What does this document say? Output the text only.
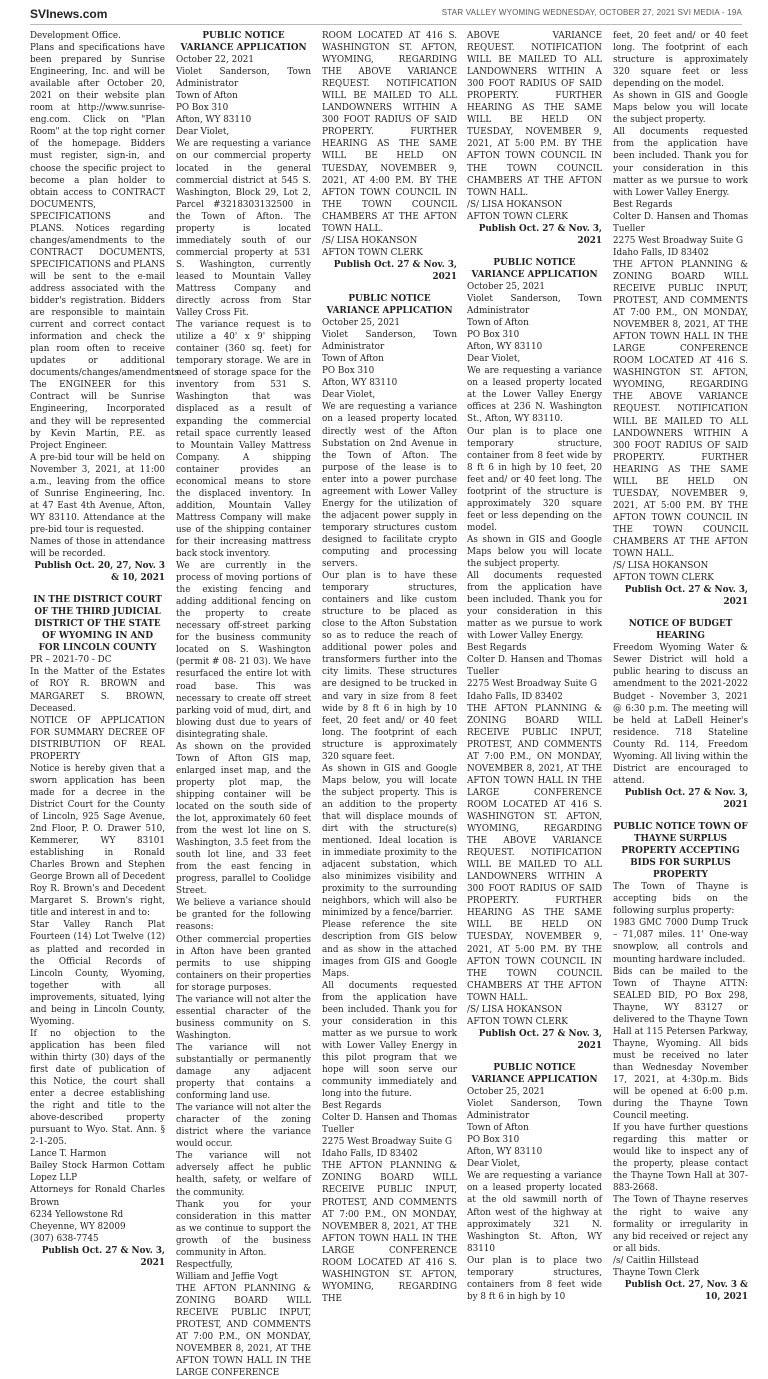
SVInews.com	STAR VALLEY WYOMING WEDNESDAY, OCTOBER 27, 2021 SVI MEDIA - 19A

Development Office.

Plans and specifications have been prepared by Sunrise Engineering, Inc. and will be available after October 20, 2021 on their website plan room at http://www.sunrise-eng.com. Click on "Plan Room" at the top right corner of the homepage. Bidders must register, sign-in, and choose the specific project to become a plan holder to obtain access to CONTRACT DOCUMENTS, SPECIFICATIONS and PLANS. Notices regarding changes/amendments to the CONTRACT DOCUMENTS, SPECIFICATIONS and PLANS will be sent to the e-mail address associated with the bidder's registration. Bidders are responsible to maintain current and correct contact information and check the plan room often to receive updates or additional documents/changes/amendments. The ENGINEER for this Contract will be Sunrise Engineering, Incorporated and they will be represented by Kevin Martin, P.E. as Project Engineer.

A pre-bid tour will be held on November 3, 2021, at 11:00 a.m., leaving from the office of Sunrise Engineering, Inc. at 47 East 4th Avenue, Afton, WY 83110. Attendance at the pre-bid tour is requested.

Names of those in attendance will be recorded.

Publish Oct. 20, 27, Nov. 3 & 10, 2021

IN THE DISTRICT COURT OF THE THIRD JUDICIAL DISTRICT OF THE STATE OF WYOMING IN AND FOR LINCOLN COUNTY

PR – 2021-70 - DC

In the Matter of the Estates of ROY R. BROWN and MARGARET S. BROWN, Deceased.

NOTICE OF APPLICATION FOR SUMMARY DECREE OF DISTRIBUTION OF REAL PROPERTY

Notice is hereby given that a sworn application has been made for a decree in the District Court for the County of Lincoln, 925 Sage Avenue, 2nd Floor, P. O. Drawer 510, Kemmerer, WY 83101 establishing in Ronald Charles Brown and Stephen George Brown all of Decedent Roy R. Brown's and Decedent Margaret S. Brown's right, title and interest in and to:

Star Valley Ranch Plat Fourteen (14) Lot Twelve (12) as platted and recorded in the Official Records of Lincoln County, Wyoming, together with all improvements, situated, lying and being in Lincoln County, Wyoming.

If no objection to the application has been filed within thirty (30) days of the first date of publication of this Notice, the court shall enter a decree establishing the right and title to the above-described property pursuant to Wyo. Stat. Ann. § 2-1-205.

Lance T. Harmon

Bailey Stock Harmon Cottam Lopez LLP

Attorneys for Ronald Charles Brown

6234 Yellowstone Rd

Cheyenne, WY 82009

(307) 638-7745

Publish Oct. 27 & Nov. 3, 2021

PUBLIC NOTICE VARIANCE APPLICATION

October 22, 2021

Violet Sanderson, Town Administrator

Town of Afton

PO Box 310

Afton, WY 83110

Dear Violet,

We are requesting a variance on our commercial property located in the general commercial district at 545 S. Washington, Block 29, Lot 2, Parcel #3218303132500 in the Town of Afton. The property is located immediately south of our commercial property at 531 S. Washington, currently leased to Mountain Valley Mattress Company and directly across from Star Valley Cross Fit.

The variance request is to utilize a 40' x 9' shipping container (360 sq. feet) for temporary storage. We are in need of storage space for the inventory from 531 S. Washington that was displaced as a result of expanding the commercial retail space currently leased to Mountain Valley Mattress Company. A shipping container provides an economical means to store the displaced inventory. In addition, Mountain Valley Mattress Company will make use of the shipping container for their increasing mattress back stock inventory.

We are currently in the process of moving portions of the existing fencing and adding additional fencing on the property to create necessary off-street parking for the business community located on S. Washington (permit # 08- 21 03). We have resurfaced the entire lot with road base. This was necessary to create off street parking void of mud, dirt, and blowing dust due to years of disintegrating shale.

As shown on the provided Town of Afton GIS map, enlarged inset map, and the property plot map, the shipping container will be located on the south side of the lot, approximately 60 feet from the west lot line on S. Washington, 3.5 feet from the south lot line, and 33 feet from the east fencing in progress, parallel to Coolidge Street.

We believe a variance should be granted for the following reasons:

Other commercial properties in Afton have been granted permits to use shipping containers on their properties for storage purposes.

The variance will not alter the essential character of the business community on S. Washington.

The variance will not substantially or permanently damage any adjacent property that contains a conforming land use.

The variance will not alter the character of the zoning district where the variance would occur.

The variance will not adversely affect he public health, safety, or welfare of the community.

Thank you for your consideration in this matter as we continue to support the growth of the business community in Afton.

Respectfully,

William and Jeffie Vogt

THE AFTON PLANNING & ZONING BOARD WILL RECEIVE PUBLIC INPUT, PROTEST, AND COMMENTS AT 7:00 P.M., ON MONDAY, NOVEMBER 8, 2021, AT THE AFTON TOWN HALL IN THE LARGE CONFERENCE

ROOM LOCATED AT 416 S. WASHINGTON ST. AFTON, WYOMING, REGARDING THE ABOVE VARIANCE REQUEST. NOTIFICATION WILL BE MAILED TO ALL LANDOWNERS WITHIN A 300 FOOT RADIUS OF SAID PROPERTY. FURTHER HEARING AS THE SAME WILL BE HELD ON TUESDAY, NOVEMBER 9, 2021, AT 4:00 P.M. BY THE AFTON TOWN COUNCIL IN THE TOWN COUNCIL CHAMBERS AT THE AFTON TOWN HALL.

/S/ LISA HOKANSON

AFTON TOWN CLERK

Publish Oct. 27 & Nov. 3, 2021

PUBLIC NOTICE VARIANCE APPLICATION

October 25, 2021

Violet Sanderson, Town Administrator

Town of Afton

PO Box 310

Afton, WY 83110

Dear Violet,

We are requesting a variance on a leased property located directly west of the Afton Substation on 2nd Avenue in the Town of Afton. The purpose of the lease is to enter into a power purchase agreement with Lower Valley Energy for the utilization of the adjacent power supply in temporary structures custom designed to facilitate crypto computing and processing servers.

Our plan is to have these temporary structures, containers and like custom structure to be placed as close to the Afton Substation so as to reduce the reach of additional power poles and transformers further into the city limits. These structures are designed to be trucked in and vary in size from 8 feet wide by 8 ft 6 in high by 10 feet, 20 feet and/ or 40 feet long. The footprint of each structure is approximately 320 square feet.

As shown in GIS and Google Maps below, you will locate the subject property. This is an addition to the property that will displace mounds of dirt with the structure(s) mentioned. Ideal location is in immediate proximity to the adjacent substation, which also minimizes visibility and proximity to the surrounding neighbors, which will also be minimized by a fence/barrier.

Please reference the site description from GIS below and as show in the attached images from GIS and Google Maps.

All documents requested from the application have been included. Thank you for your consideration in this matter as we pursue to work with Lower Valley Energy in this pilot program that we hope will soon serve our community immediately and long into the future.

Best Regards

Colter D. Hansen and Thomas Tueller

2275 West Broadway Suite G

Idaho Falls, ID 83402

THE AFTON PLANNING & ZONING BOARD WILL RECEIVE PUBLIC INPUT, PROTEST, AND COMMENTS AT 7:00 P.M., ON MONDAY, NOVEMBER 8, 2021, AT THE AFTON TOWN HALL IN THE LARGE CONFERENCE ROOM LOCATED AT 416 S. WASHINGTON ST. AFTON, WYOMING, REGARDING THE

ABOVE VARIANCE REQUEST. NOTIFICATION WILL BE MAILED TO ALL LANDOWNERS WITHIN A 300 FOOT RADIUS OF SAID PROPERTY. FURTHER HEARING AS THE SAME WILL BE HELD ON TUESDAY, NOVEMBER 9, 2021, AT 5:00 P.M. BY THE AFTON TOWN COUNCIL IN THE TOWN COUNCIL CHAMBERS AT THE AFTON TOWN HALL.

/S/ LISA HOKANSON

AFTON TOWN CLERK

Publish Oct. 27 & Nov. 3, 2021

PUBLIC NOTICE VARIANCE APPLICATION

October 25, 2021

Violet Sanderson, Town Administrator

Town of Afton

PO Box 310

Afton, WY 83110

Dear Violet,

We are requesting a variance on a leased property located at the Lower Valley Energy offices at 236 N. Washington St., Afton, WY 83110.

Our plan is to place one temporary structure, container from 8 feet wide by 8 ft 6 in high by 10 feet, 20 feet and/ or 40 feet long. The footprint of the structure is approximately 320 square feet or less depending on the model.

As shown in GIS and Google Maps below you will locate the subject property.

All documents requested from the application have been included. Thank you for your consideration in this matter as we pursue to work with Lower Valley Energy.

Best Regards

Colter D. Hansen and Thomas Tueller

2275 West Broadway Suite G

Idaho Falls, ID 83402

THE AFTON PLANNING & ZONING BOARD WILL RECEIVE PUBLIC INPUT, PROTEST, AND COMMENTS AT 7:00 P.M., ON MONDAY, NOVEMBER 8, 2021, AT THE AFTON TOWN HALL IN THE LARGE CONFERENCE ROOM LOCATED AT 416 S. WASHINGTON ST. AFTON, WYOMING, REGARDING THE ABOVE VARIANCE REQUEST. NOTIFICATION WILL BE MAILED TO ALL LANDOWNERS WITHIN A 300 FOOT RADIUS OF SAID PROPERTY. FURTHER HEARING AS THE SAME WILL BE HELD ON TUESDAY, NOVEMBER 9, 2021, AT 5:00 P.M. BY THE AFTON TOWN COUNCIL IN THE TOWN COUNCIL CHAMBERS AT THE AFTON TOWN HALL.

/S/ LISA HOKANSON

AFTON TOWN CLERK

Publish Oct. 27 & Nov. 3, 2021

PUBLIC NOTICE VARIANCE APPLICATION

October 25, 2021

Violet Sanderson, Town Administrator

Town of Afton

PO Box 310

Afton, WY 83110

Dear Violet,

We are requesting a variance on a leased property located at the old sawmill north of Afton west of the highway at approximately 321 N. Washington St. Afton, WY 83110

Our plan is to place two temporary structures, containers from 8 feet wide by 8 ft 6 in high by 10

feet, 20 feet and/ or 40 feet long. The footprint of each structure is approximately 320 square feet or less depending on the model.

As shown in GIS and Google Maps below you will locate the subject property.

All documents requested from the application have been included. Thank you for your consideration in this matter as we pursue to work with Lower Valley Energy.

Best Regards

Colter D. Hansen and Thomas Tueller

2275 West Broadway Suite G

Idaho Falls, ID 83402

THE AFTON PLANNING & ZONING BOARD WILL RECEIVE PUBLIC INPUT, PROTEST, AND COMMENTS AT 7:00 P.M., ON MONDAY, NOVEMBER 8, 2021, AT THE AFTON TOWN HALL IN THE LARGE CONFERENCE ROOM LOCATED AT 416 S. WASHINGTON ST. AFTON, WYOMING, REGARDING THE ABOVE VARIANCE REQUEST. NOTIFICATION WILL BE MAILED TO ALL LANDOWNERS WITHIN A 300 FOOT RADIUS OF SAID PROPERTY. FURTHER HEARING AS THE SAME WILL BE HELD ON TUESDAY, NOVEMBER 9, 2021, AT 5:00 P.M. BY THE AFTON TOWN COUNCIL IN THE TOWN COUNCIL CHAMBERS AT THE AFTON TOWN HALL.

/S/ LISA HOKANSON

AFTON TOWN CLERK

Publish Oct. 27 & Nov. 3, 2021

NOTICE OF BUDGET HEARING

Freedom Wyoming Water & Sewer District will hold a public hearing to discuss an amendment to the 2021-2022 Budget - November 3, 2021 @ 6:30 p.m. The meeting will be held at LaDell Heiner's residence. 718 Stateline County Rd. 114, Freedom Wyoming. All living within the District are encouraged to attend.

Publish Oct. 27 & Nov. 3, 2021

PUBLIC NOTICE TOWN OF THAYNE SURPLUS PROPERTY ACCEPTING BIDS FOR SURPLUS PROPERTY

The Town of Thayne is accepting bids on the following surplus property:

1983 GMC 7000 Dump Truck – 71,087 miles. 11' One-way snowplow, all controls and mounting hardware included.

Bids can be mailed to the Town of Thayne ATTN: SEALED BID, PO Box 298, Thayne, WY 83127 or delivered to the Thayne Town Hall at 115 Petersen Parkway, Thayne, Wyoming. All bids must be received no later than Wednesday November 17, 2021, at 4:30p.m. Bids will be opened at 6:00 p.m. during the Thayne Town Council meeting.

If you have further questions regarding this matter or would like to inspect any of the property, please contact the Thayne Town Hall at 307-883-2668.

The Town of Thayne reserves the right to waive any formality or irregularity in any bid received or reject any or all bids.

/s/ Caitlin Hillstead

Thayne Town Clerk

Publish Oct. 27, Nov. 3 & 10, 2021
